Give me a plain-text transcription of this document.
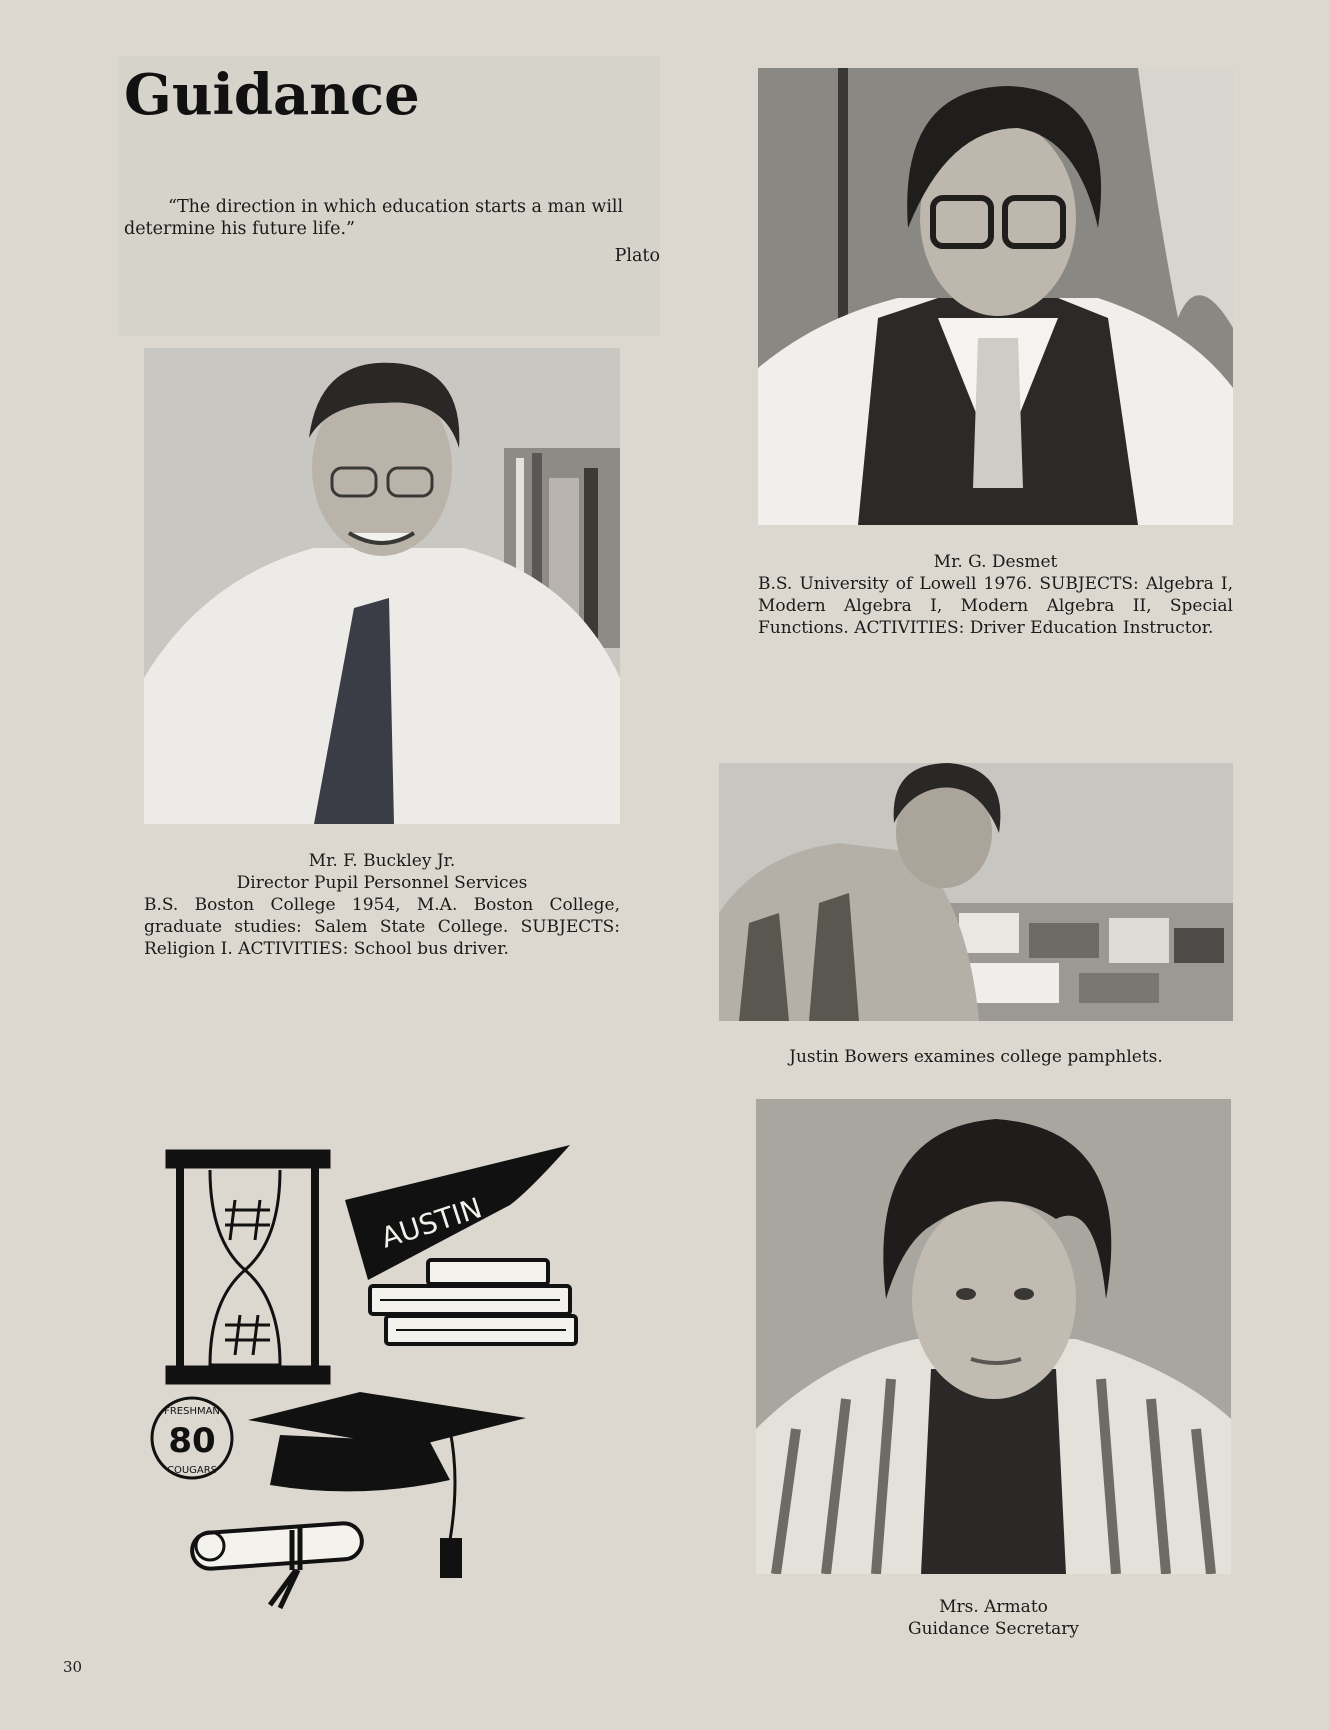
Guidance

“The direction in which education starts a man will
determine his future life.”

Plato
Mr. F. Buckley Jr.
Director Pupil Personnel Services
B.S. Boston College 1954, M.A. Boston College, graduate studies: Salem State College. SUBJECTS: Religion I. ACTIVITIES: School bus driver.
Mr. G. Desmet
B.S. University of Lowell 1976. SUBJECTS: Algebra I, Modern Algebra I, Modern Algebra II, Special Functions. ACTIVITIES: Driver Education Instructor.
Justin Bowers examines college pamphlets.
Mrs. Armato
Guidance Secretary
AUSTIN
80
FRESHMAN
COUGARS
30
